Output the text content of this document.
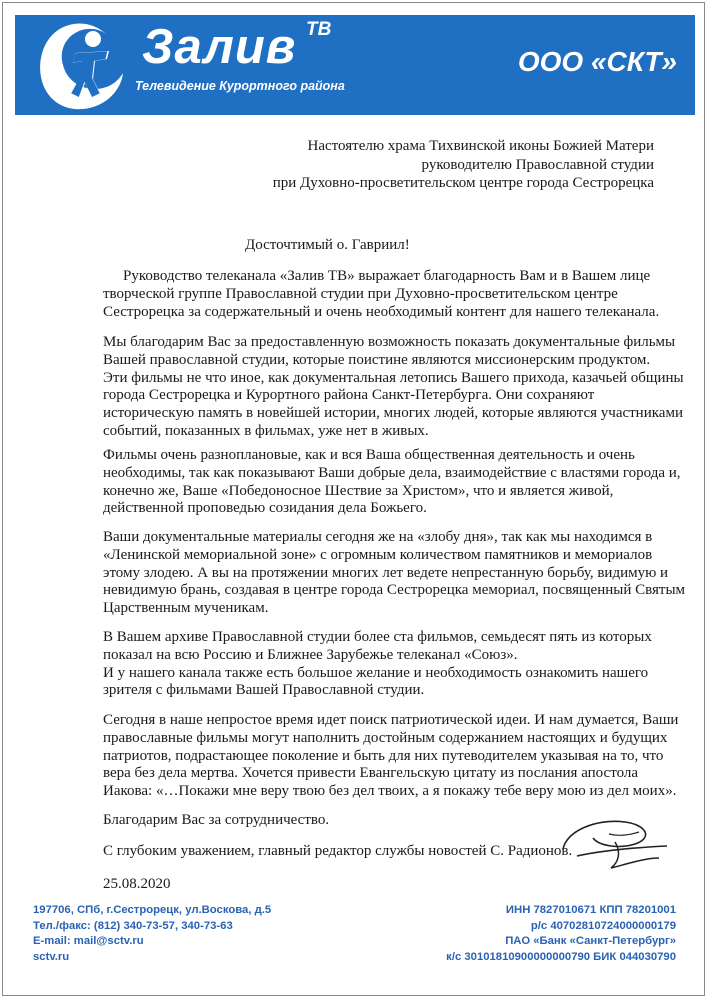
Залив ТВ
Телевидение Курортного района
ООО «СКТ»
Настоятелю храма Тихвинской иконы Божией Матери
руководителю Православной студии
при Духовно-просветительском центре города Сестрорецка
Досточтимый о. Гавриил!
Руководство телеканала «Залив ТВ» выражает благодарность Вам и в Вашем лице
творческой группе Православной студии при Духовно-просветительском центре
Сестрорецка за содержательный и очень необходимый контент для нашего телеканала.
Мы благодарим Вас за предоставленную возможность показать документальные фильмы
Вашей православной студии, которые поистине являются миссионерским продуктом.
Эти фильмы не что иное, как документальная летопись Вашего прихода, казачьей общины
города Сестрорецка и Курортного района Санкт-Петербурга. Они сохраняют
историческую память в новейшей истории, многих людей, которые являются участниками
событий, показанных в фильмах, уже нет в живых.
Фильмы очень разноплановые, как и вся Ваша общественная деятельность и очень
необходимы, так как показывают Ваши добрые дела, взаимодействие с властями города и,
конечно же, Ваше «Победоносное Шествие за Христом», что и является живой,
действенной проповедью созидания дела Божьего.
Ваши документальные материалы сегодня же на «злобу дня», так как мы находимся в
«Ленинской мемориальной зоне» с огромным количеством памятников и мемориалов
этому злодею. А вы на протяжении многих лет ведете непрестанную борьбу, видимую и
невидимую брань, создавая в центре города Сестрорецка мемориал, посвященный Святым
Царственным мученикам.
В Вашем архиве Православной студии более ста фильмов, семьдесят пять из которых
показал на всю Россию и Ближнее Зарубежье телеканал «Союз».
И у нашего канала также есть большое желание и необходимость ознакомить нашего
зрителя с фильмами Вашей Православной студии.
Сегодня в наше непростое время идет поиск патриотической идеи. И нам думается, Ваши
православные фильмы могут наполнить достойным содержанием настоящих и будущих
патриотов, подрастающее поколение и быть для них путеводителем указывая на то, что
вера без дела мертва. Хочется привести Евангельскую цитату из послания апостола
Иакова: «…Покажи мне веру твою без дел твоих, а я покажу тебе веру мою из дел моих».
Благодарим Вас за сотрудничество.
С глубоким уважением, главный редактор службы новостей С. Радионов.
25.08.2020
197706, СПб, г.Сестрорецк, ул.Воскова, д.5
Тел./факс: (812) 340-73-57, 340-73-63
E-mail: mail@sctv.ru
sctv.ru
ИНН 7827010671 КПП 78201001
р/с 40702810724000000179
ПАО «Банк «Санкт-Петербург»
к/с 30101810900000000790 БИК 044030790
